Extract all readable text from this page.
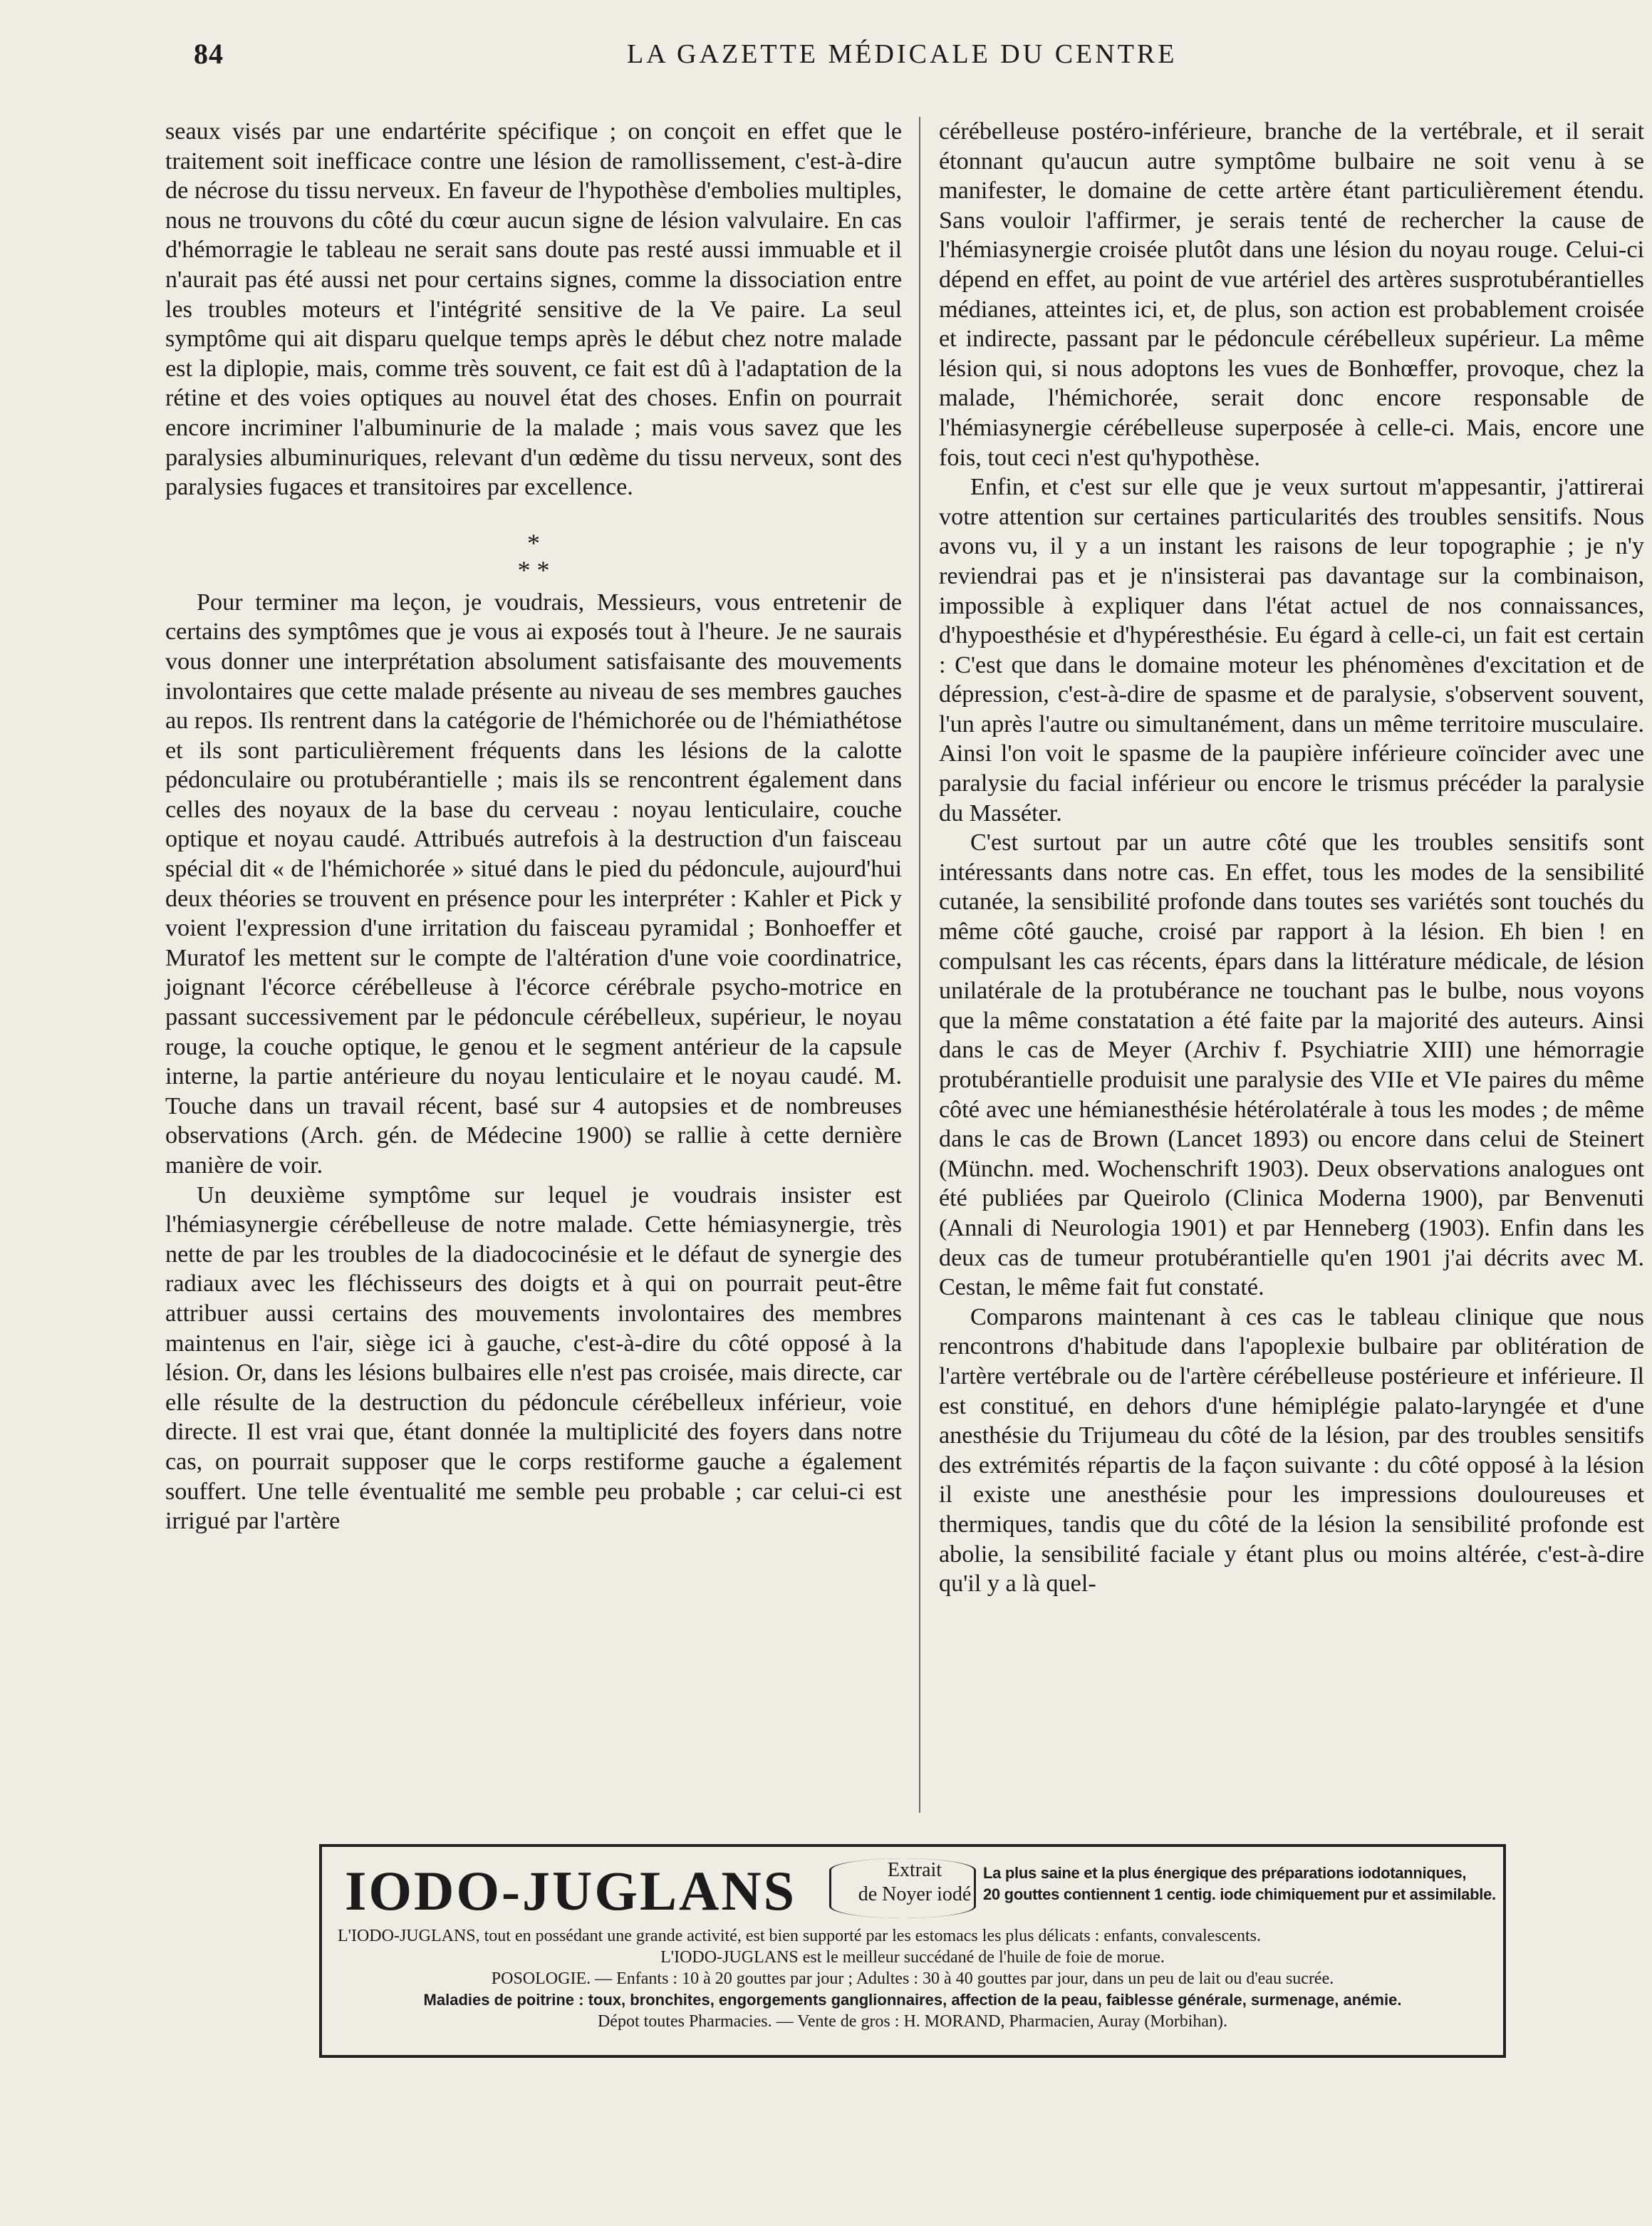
84	LA GAZETTE MÉDICALE DU CENTRE

seaux visés par une endartérite spécifique ; on conçoit en effet que le traitement soit inefficace contre une lésion de ramollissement, c'est-à-dire de nécrose du tissu nerveux. En faveur de l'hypothèse d'embolies multiples, nous ne trouvons du côté du cœur aucun signe de lésion valvulaire. En cas d'hémorragie le tableau ne serait sans doute pas resté aussi immuable et il n'aurait pas été aussi net pour certains signes, comme la dissociation entre les troubles moteurs et l'intégrité sensitive de la Ve paire. La seul symptôme qui ait disparu quelque temps après le début chez notre malade est la diplopie, mais, comme très souvent, ce fait est dû à l'adaptation de la rétine et des voies optiques au nouvel état des choses. Enfin on pourrait encore incriminer l'albuminurie de la malade ; mais vous savez que les paralysies albuminuriques, relevant d'un œdème du tissu nerveux, sont des paralysies fugaces et transitoires par excellence.

*
* *

Pour terminer ma leçon, je voudrais, Messieurs, vous entretenir de certains des symptômes que je vous ai exposés tout à l'heure. Je ne saurais vous donner une interprétation absolument satisfaisante des mouvements involontaires que cette malade présente au niveau de ses membres gauches au repos. Ils rentrent dans la catégorie de l'hémichorée ou de l'hémiathétose et ils sont particulièrement fréquents dans les lésions de la calotte pédonculaire ou protubérantielle ; mais ils se rencontrent également dans celles des noyaux de la base du cerveau : noyau lenticulaire, couche optique et noyau caudé. Attribués autrefois à la destruction d'un faisceau spécial dit « de l'hémichorée » situé dans le pied du pédoncule, aujourd'hui deux théories se trouvent en présence pour les interpréter : Kahler et Pick y voient l'expression d'une irritation du faisceau pyramidal ; Bonhoeffer et Muratof les mettent sur le compte de l'altération d'une voie coordinatrice, joignant l'écorce cérébelleuse à l'écorce cérébrale psycho-motrice en passant successivement par le pédoncule cérébelleux, supérieur, le noyau rouge, la couche optique, le genou et le segment antérieur de la capsule interne, la partie antérieure du noyau lenticulaire et le noyau caudé. M. Touche dans un travail récent, basé sur 4 autopsies et de nombreuses observations (Arch. gén. de Médecine 1900) se rallie à cette dernière manière de voir.

Un deuxième symptôme sur lequel je voudrais insister est l'hémiasynergie cérébelleuse de notre malade. Cette hémiasynergie, très nette de par les troubles de la diadococinésie et le défaut de synergie des radiaux avec les fléchisseurs des doigts et à qui on pourrait peut-être attribuer aussi certains des mouvements involontaires des membres maintenus en l'air, siège ici à gauche, c'est-à-dire du côté opposé à la lésion. Or, dans les lésions bulbaires elle n'est pas croisée, mais directe, car elle résulte de la destruction du pédoncule cérébelleux inférieur, voie directe. Il est vrai que, étant donnée la multiplicité des foyers dans notre cas, on pourrait supposer que le corps restiforme gauche a également souffert. Une telle éventualité me semble peu probable ; car celui-ci est irrigué par l'artère

cérébelleuse postéro-inférieure, branche de la vertébrale, et il serait étonnant qu'aucun autre symptôme bulbaire ne soit venu à se manifester, le domaine de cette artère étant particulièrement étendu. Sans vouloir l'affirmer, je serais tenté de rechercher la cause de l'hémiasynergie croisée plutôt dans une lésion du noyau rouge. Celui-ci dépend en effet, au point de vue artériel des artères susprotubérantielles médianes, atteintes ici, et, de plus, son action est probablement croisée et indirecte, passant par le pédoncule cérébelleux supérieur. La même lésion qui, si nous adoptons les vues de Bonhœffer, provoque, chez la malade, l'hémichorée, serait donc encore responsable de l'hémiasynergie cérébelleuse superposée à celle-ci. Mais, encore une fois, tout ceci n'est qu'hypothèse.

Enfin, et c'est sur elle que je veux surtout m'appesantir, j'attirerai votre attention sur certaines particularités des troubles sensitifs. Nous avons vu, il y a un instant les raisons de leur topographie ; je n'y reviendrai pas et je n'insisterai pas davantage sur la combinaison, impossible à expliquer dans l'état actuel de nos connaissances, d'hypoesthésie et d'hypéresthésie. Eu égard à celle-ci, un fait est certain : C'est que dans le domaine moteur les phénomènes d'excitation et de dépression, c'est-à-dire de spasme et de paralysie, s'observent souvent, l'un après l'autre ou simultanément, dans un même territoire musculaire. Ainsi l'on voit le spasme de la paupière inférieure coïncider avec une paralysie du facial inférieur ou encore le trismus précéder la paralysie du Masséter.

C'est surtout par un autre côté que les troubles sensitifs sont intéressants dans notre cas. En effet, tous les modes de la sensibilité cutanée, la sensibilité profonde dans toutes ses variétés sont touchés du même côté gauche, croisé par rapport à la lésion. Eh bien ! en compulsant les cas récents, épars dans la littérature médicale, de lésion unilatérale de la protubérance ne touchant pas le bulbe, nous voyons que la même constatation a été faite par la majorité des auteurs. Ainsi dans le cas de Meyer (Archiv f. Psychiatrie XIII) une hémorragie protubérantielle produisit une paralysie des VIIe et VIe paires du même côté avec une hémianesthésie hétérolatérale à tous les modes ; de même dans le cas de Brown (Lancet 1893) ou encore dans celui de Steinert (Münchn. med. Wochenschrift 1903). Deux observations analogues ont été publiées par Queirolo (Clinica Moderna 1900), par Benvenuti (Annali di Neurologia 1901) et par Henneberg (1903). Enfin dans les deux cas de tumeur protubérantielle qu'en 1901 j'ai décrits avec M. Cestan, le même fait fut constaté.

Comparons maintenant à ces cas le tableau clinique que nous rencontrons d'habitude dans l'apoplexie bulbaire par oblitération de l'artère vertébrale ou de l'artère cérébelleuse postérieure et inférieure. Il est constitué, en dehors d'une hémiplégie palato-laryngée et d'une anesthésie du Trijumeau du côté de la lésion, par des troubles sensitifs des extrémités répartis de la façon suivante : du côté opposé à la lésion il existe une anesthésie pour les impressions douloureuses et thermiques, tandis que du côté de la lésion la sensibilité profonde est abolie, la sensibilité faciale y étant plus ou moins altérée, c'est-à-dire qu'il y a là quel-

IODO-JUGLANS	Extrait
de Noyer iodé
La plus saine et la plus énergique des préparations iodotanniques,
20 gouttes contiennent 1 centig. iode chimiquement pur et assimilable.

L'IODO-JUGLANS, tout en possédant une grande activité, est bien supporté par les estomacs les plus délicats : enfants, convalescents.

L'IODO-JUGLANS est le meilleur succédané de l'huile de foie de morue.

POSOLOGIE. — Enfants : 10 à 20 gouttes par jour ; Adultes : 30 à 40 gouttes par jour, dans un peu de lait ou d'eau sucrée.

Maladies de poitrine : toux, bronchites, engorgements ganglionnaires, affection de la peau, faiblesse générale, surmenage, anémie.

Dépot toutes Pharmacies. — Vente de gros : H. MORAND, Pharmacien, Auray (Morbihan).
